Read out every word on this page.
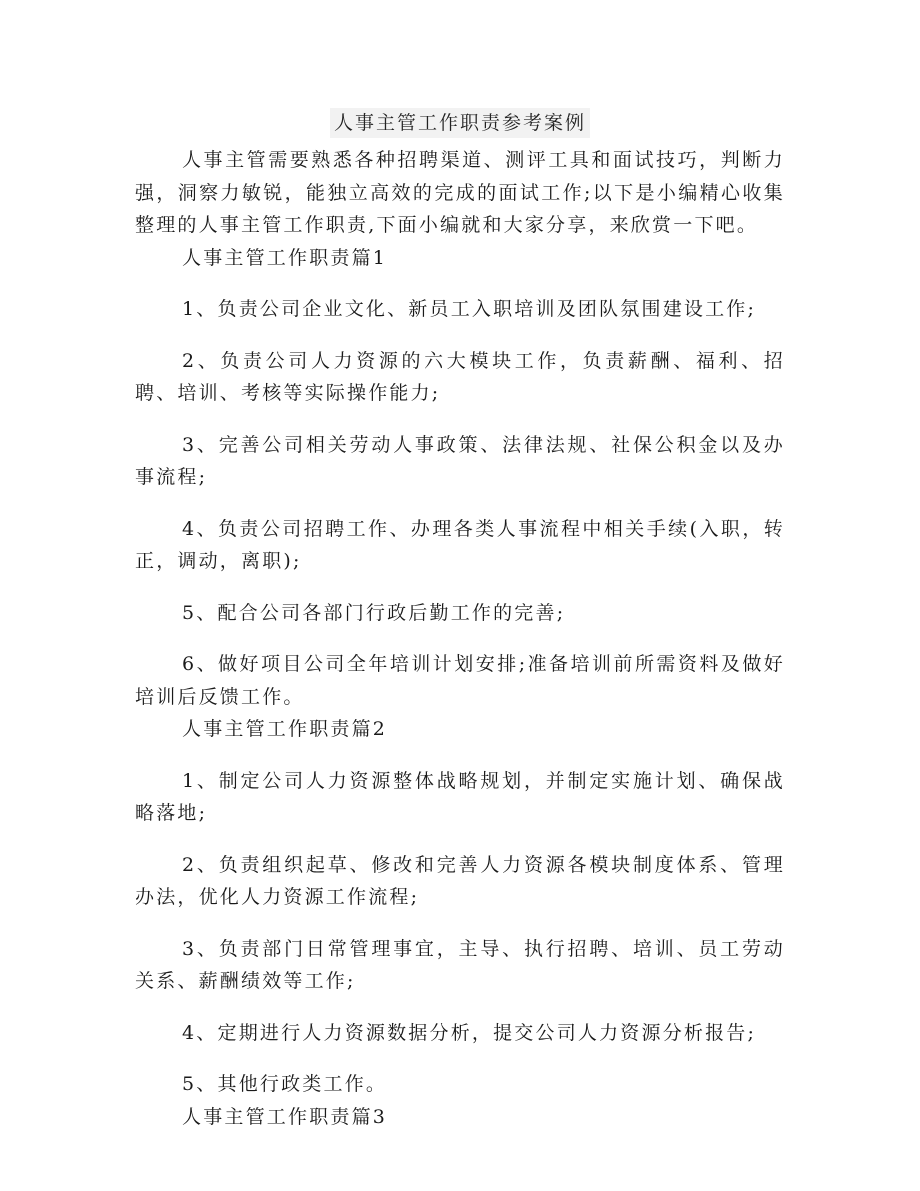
人事主管工作职责参考案例

人事主管需要熟悉各种招聘渠道、测评工具和面试技巧，判断力强，洞察力敏锐，能独立高效的完成的面试工作;以下是小编精心收集整理的人事主管工作职责,下面小编就和大家分享，来欣赏一下吧。

人事主管工作职责篇1

1、负责公司企业文化、新员工入职培训及团队氛围建设工作;

2、负责公司人力资源的六大模块工作，负责薪酬、福利、招聘、培训、考核等实际操作能力;

3、完善公司相关劳动人事政策、法律法规、社保公积金以及办事流程;

4、负责公司招聘工作、办理各类人事流程中相关手续(入职，转正，调动，离职);

5、配合公司各部门行政后勤工作的完善;

6、做好项目公司全年培训计划安排;准备培训前所需资料及做好培训后反馈工作。

人事主管工作职责篇2

1、制定公司人力资源整体战略规划，并制定实施计划、确保战略落地;

2、负责组织起草、修改和完善人力资源各模块制度体系、管理办法，优化人力资源工作流程;

3、负责部门日常管理事宜，主导、执行招聘、培训、员工劳动关系、薪酬绩效等工作;

4、定期进行人力资源数据分析，提交公司人力资源分析报告;

5、其他行政类工作。

人事主管工作职责篇3
